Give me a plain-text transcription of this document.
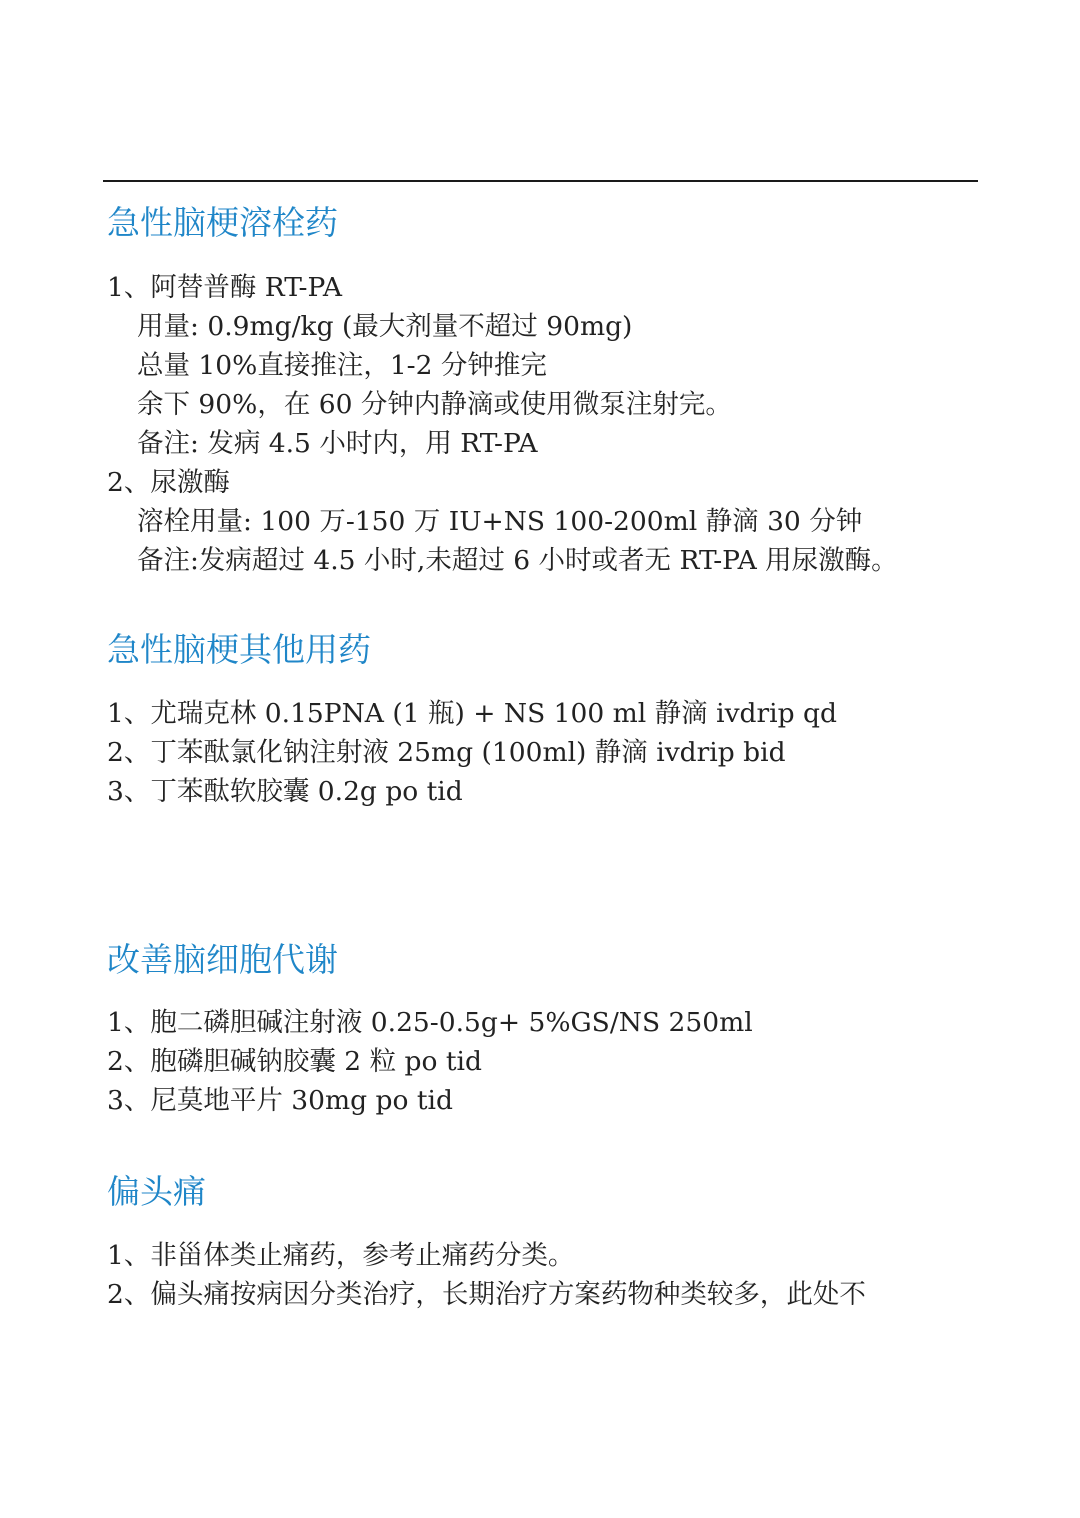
急性脑梗溶栓药

1、阿替普酶 RT-PA

用量: 0.9mg/kg (最大剂量不超过 90mg)

总量 10%直接推注，1-2 分钟推完

余下 90%，在 60 分钟内静滴或使用微泵注射完。

备注: 发病 4.5 小时内，用 RT-PA

2、尿激酶

溶栓用量: 100 万-150 万 IU+NS 100-200ml 静滴 30 分钟

备注:发病超过 4.5 小时,未超过 6 小时或者无 RT-PA 用尿激酶。

急性脑梗其他用药

1、尤瑞克林 0.15PNA (1 瓶) + NS 100 ml 静滴 ivdrip qd

2、丁苯酞氯化钠注射液 25mg (100ml) 静滴 ivdrip bid

3、丁苯酞软胶囊 0.2g po tid

改善脑细胞代谢

1、胞二磷胆碱注射液 0.25-0.5g+ 5%GS/NS 250ml

2、胞磷胆碱钠胶囊 2 粒 po tid

3、尼莫地平片 30mg po tid

偏头痛

1、非甾体类止痛药，参考止痛药分类。

2、偏头痛按病因分类治疗，长期治疗方案药物种类较多，此处不
